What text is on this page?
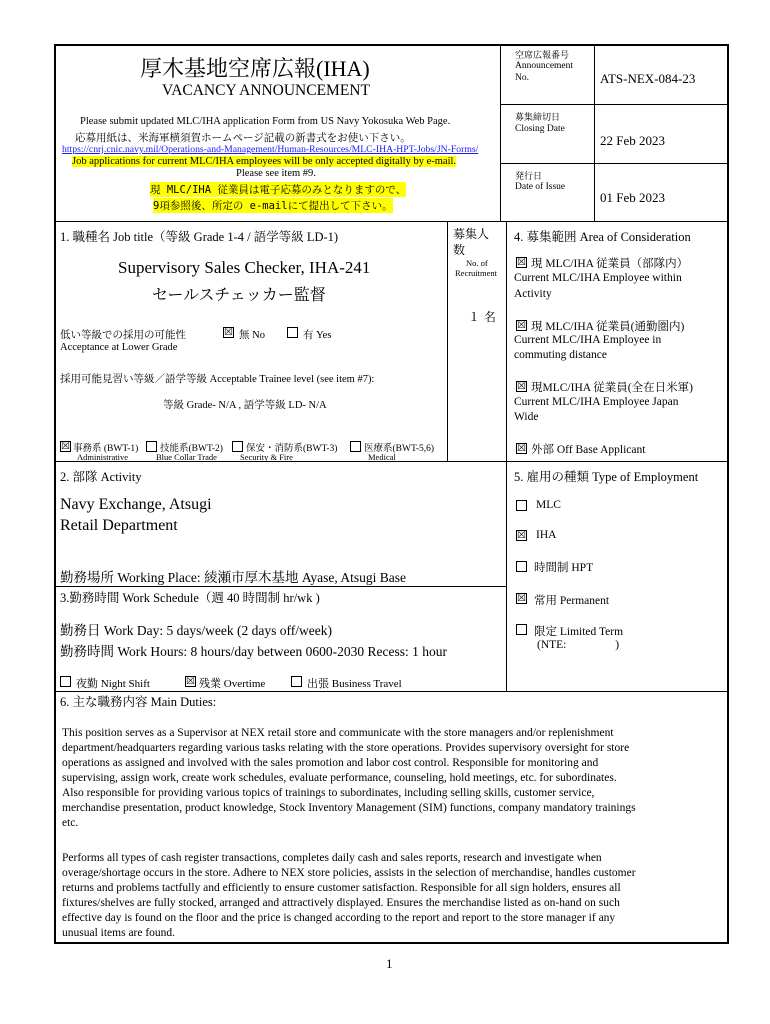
厚木基地空席広報(IHA)
VACANCY ANNOUNCEMENT
Please submit updated MLC/IHA application Form from US Navy Yokosuka Web Page.
応募用紙は、米海軍横須賀ホームページ記載の新書式をお使い下さい。
https://cnrj.cnic.navy.mil/Operations-and-Management/Human-Resources/MLC-IHA-HPT-Jobs/JN-Forms/
Job applications for current MLC/IHA employees will be only accepted digitally by e-mail.
Please see item #9.
現 MLC/IHA 従業員は電子応募のみとなりますので、
9項参照後、所定の e-mailにて提出して下さい。
空席広報番号
Announcement
No.	ATS-NEX-084-23
募集締切日
Closing Date
22 Feb 2023
発行日
Date of Issue
01 Feb 2023
1. 職種名 Job title（等級 Grade 1-4 / 語学等級 LD-1)
Supervisory Sales Checker, IHA-241
セールスチェッカー監督
低い等級での採用の可能性
Acceptance at Lower Grade
☒ 無 No	有 Yes
採用可能見習い等級／語学等級 Acceptable Trainee level (see item #7):
等級 Grade- N/A , 語学等級 LD- N/A
☒ 事務系 (BWT-1)
Administrative
技能系(BWT-2)
Blue Collar Trade
保安・消防系(BWT-3)
Security & Fire
医療系(BWT-5,6)
Medical
募集人
数
No. of
Recruitment
１ 名
4. 募集範囲 Area of Consideration
☒ 現 MLC/IHA 従業員（部隊内）
Current MLC/IHA Employee within
Activity
☒ 現 MLC/IHA 従業員(通勤圏内)
Current MLC/IHA Employee in
commuting distance
☒ 現MLC/IHA 従業員(全在日米軍)
Current MLC/IHA Employee Japan
Wide
☒ 外部 Off Base Applicant
2. 部隊 Activity
Navy Exchange, Atsugi
Retail Department
勤務場所 Working Place: 綾瀬市厚木基地 Ayase, Atsugi Base
3.勤務時間 Work Schedule（週 40 時間制 hr/wk )
勤務日 Work Day: 5 days/week (2 days off/week)
勤務時間 Work Hours: 8 hours/day between 0600-2030 Recess: 1 hour
夜勤 Night Shift	☒ 残業 Overtime	出張 Business Travel
5. 雇用の種類 Type of Employment
MLC
☒ IHA
時間制 HPT
☒ 常用 Permanent
限定 Limited Term
(NTE:                 )
6. 主な職務内容 Main Duties:
This position serves as a Supervisor at NEX retail store and communicate with the store managers and/or replenishment
department/headquarters regarding various tasks relating with the store operations. Provides supervisory oversight for store
operations as assigned and involved with the sales promotion and labor cost control. Responsible for monitoring and
supervising, assign work, create work schedules, evaluate performance, counseling, hold meetings, etc. for subordinates.
Also responsible for providing various topics of trainings to subordinates, including selling skills, customer service,
merchandise presentation, product knowledge, Stock Inventory Management (SIM) functions, company mandatory trainings
etc.
Performs all types of cash register transactions, completes daily cash and sales reports, research and investigate when
overage/shortage occurs in the store. Adhere to NEX store policies, assists in the selection of merchandise, handles customer
returns and problems tactfully and efficiently to ensure customer satisfaction. Responsible for all sign holders, ensures all
fixtures/shelves are fully stocked, arranged and attractively displayed. Ensures the merchandise listed as on-hand on such
effective day is found on the floor and the price is changed according to the report and report to the store manager if any
unusual items are found.
1
